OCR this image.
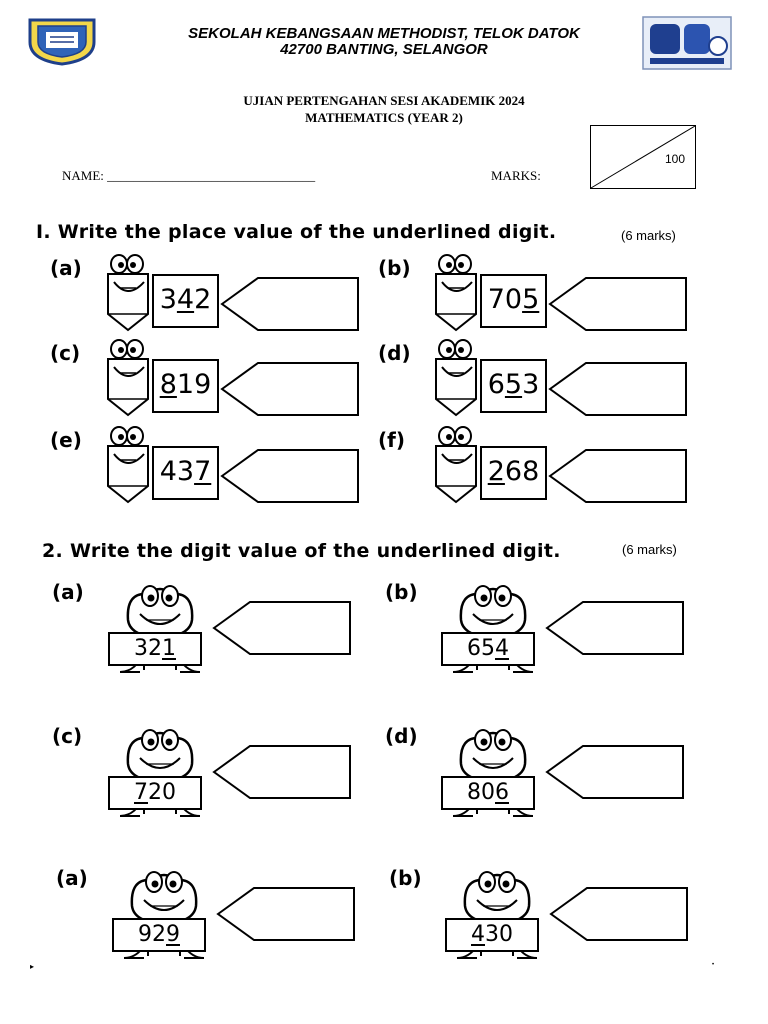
SEKOLAH KEBANGSAAN METHODIST, TELOK DATOK
42700 BANTING, SELANGOR
UJIAN PERTENGAHAN SESI AKADEMIK 2024
MATHEMATICS (YEAR 2)
NAME: ________________________________	MARKS:
100
I. Write the place value of the underlined digit.	(6 marks)
(a)
342
(b)
705
(c)
819
(d)
653
(e)
437
(f)
268
2. Write the digit value of the underlined digit.	(6 marks)
(a)
321
(b)
654
(c)
720
(d)
806
(a)
929
(b)
430
▸	•
